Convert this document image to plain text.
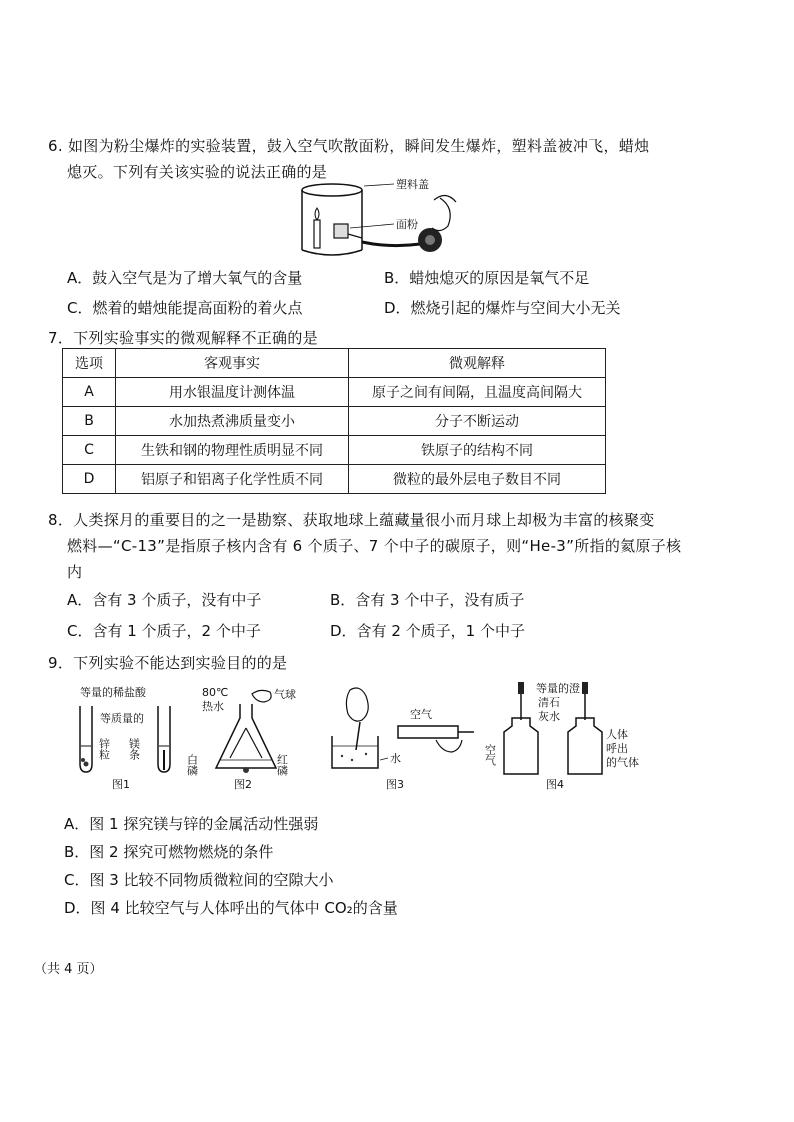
6. 如图为粉尘爆炸的实验装置，鼓入空气吹散面粉，瞬间发生爆炸，塑料盖被冲飞，蜡烛
熄灭。下列有关该实验的说法正确的是
塑料盖
面粉
A．鼓入空气是为了增大氧气的含量	B．蜡烛熄灭的原因是氧气不足
C．燃着的蜡烛能提高面粉的着火点	D．燃烧引起的爆炸与空间大小无关
7．下列实验事实的微观解释不正确的是
选项	客观事实	微观解释
A	用水银温度计测体温	原子之间有间隔，且温度高间隔大
B	水加热煮沸质量变小	分子不断运动
C	生铁和钢的物理性质明显不同	铁原子的结构不同
D	铝原子和铝离子化学性质不同	微粒的最外层电子数目不同
8．人类探月的重要目的之一是勘察、获取地球上蕴藏量很小而月球上却极为丰富的核聚变
燃料—“C-13”是指原子核内含有 6 个质子、7 个中子的碳原子，则“He-3”所指的氦原子核
内
A．含有 3 个质子，没有中子	B．含有 3 个中子，没有质子
C．含有 1 个质子，2 个中子	D．含有 2 个质子，1 个中子
9．下列实验不能达到实验目的的是
等量的稀盐酸
等质量的
锌粒 镁条
图1
80℃
热水
气球
白磷	红磷
图2
水
空气
图3
等量的澄
清石
灰水
空气
人体
呼出
的气体
图4
A．图 1 探究镁与锌的金属活动性强弱
B．图 2 探究可燃物燃烧的条件
C．图 3 比较不同物质微粒间的空隙大小
D．图 4 比较空气与人体呼出的气体中 CO₂的含量
（共 4 页）
